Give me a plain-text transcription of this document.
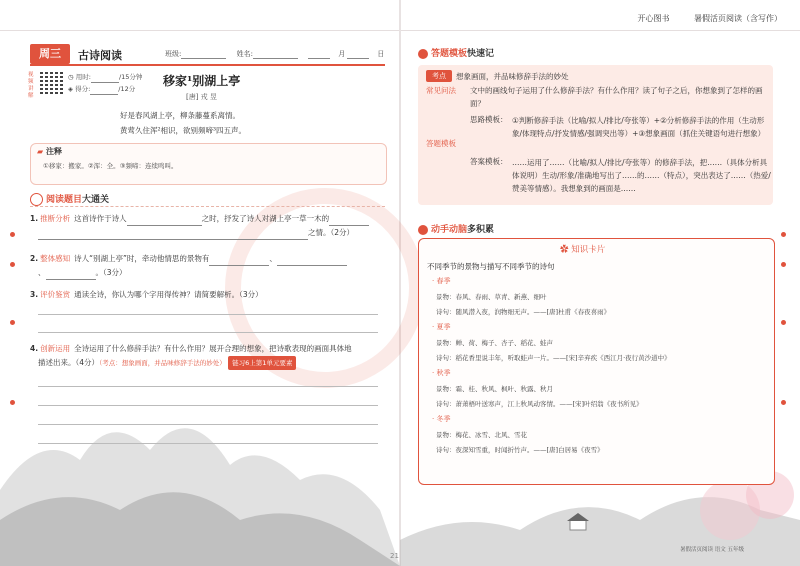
开心图书	暑假活页阅读（含写作）
周三	古诗阅读	班级:	姓名:	月	日
视频讲解
◷ 用时:	/15分钟
◈ 得分:	/12分
移家¹别湖上亭
[唐] 戎 昱
好是春风湖上亭，柳条藤蔓系离情。
黄莺久住浑²相识，欲别频啼³四五声。
▰ 注释
①移家：搬家。②浑：全。③频啼：连续鸣叫。
阅读题目大通关
1. 推断分析 这首诗作于诗人	之时，抒发了诗人对湖上亭一草一木的
之情。（2分）
2. 整体感知 诗人“别湖上亭”时，牵动他情思的景物有	、
、	。（3分）
3. 评价鉴赏 通读全诗，你认为哪个字用得传神？请简要解析。（3分）
4. 创新运用 全诗运用了什么修辞手法？有什么作用？展开合理的想象，把诗歌表现的画面具体地
描述出来。（4分）（考点：想象画面，并品味修辞手法的妙处） 链习6上第1单元要素
21
答题模板快速记
考点	想象画面，并品味修辞手法的妙处
常见问法 文中的画线句子运用了什么修辞手法？有什么作用？读了句子之后，你想象到了怎样的画面？
答题模板
思路模板： ①判断修辞手法（比喻/拟人/排比/夸张等）+②分析修辞手法的作用（生动形象/体现特点/抒发情感/强调突出等）+③想象画面（抓住关键语句进行想象）
答案模板： ……运用了……（比喻/拟人/排比/夸张等）的修辞手法，把……（具体分析具体说明）生动/形象/准确地写出了……的……（特点），突出表达了……（热爱/赞美等情感）。我想象到的画面是……
动手动脑多积累
✿ 知识卡片
不同季节的景物与描写不同季节的诗句
· 春季
景物：春风、春雨、草青、新燕、细叶
诗句：随风潜入夜，润物细无声。——[唐]杜甫《春夜喜雨》
· 夏季
景物：蝉、荷、梅子、杏子、稻花、蛙声
诗句：稻花香里说丰年，听取蛙声一片。——[宋]辛弃疾《西江月·夜行黄沙道中》
· 秋季
景物：霜、桂、秋风、枫叶、秋露、秋月
诗句：萧萧梧叶送寒声，江上秋风动客情。——[宋]叶绍翁《夜书所见》
· 冬季
景物：梅花、冰雪、北风、雪花
诗句：夜深知雪重，时闻折竹声。——[唐]白居易《夜雪》
暑假活页阅读 语文 五年级
